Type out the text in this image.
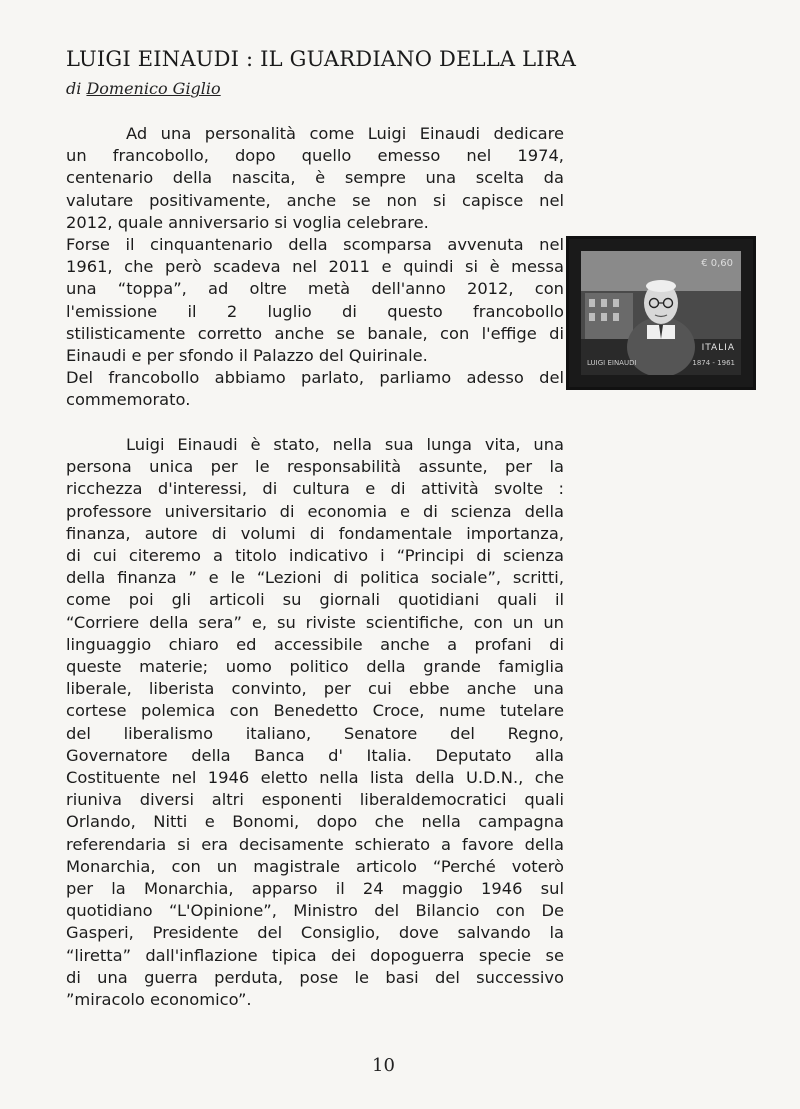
LUIGI EINAUDI : IL GUARDIANO DELLA LIRA
di Domenico Giglio
Ad una personalità come Luigi Einaudi dedicare
un francobollo, dopo quello emesso nel 1974,
centenario della nascita, è sempre una scelta da
valutare positivamente, anche se non si capisce nel
2012, quale anniversario si voglia celebrare.
Forse il cinquantenario della scomparsa avvenuta nel
1961, che però scadeva nel 2011 e quindi si è messa
una “toppa”, ad oltre metà dell'anno 2012, con
l'emissione il 2 luglio di questo francobollo
stilisticamente corretto anche se banale, con l'effige di
Einaudi e per sfondo il Palazzo del Quirinale.
Del francobollo abbiamo parlato, parliamo adesso del
commemorato.
€ 0,60
ITALIA
LUIGI EINAUDI	1874 - 1961
Luigi Einaudi è stato, nella sua lunga vita, una
persona unica per le responsabilità assunte, per la
ricchezza d'interessi, di cultura e di attività svolte :
professore universitario di economia e di scienza della
finanza, autore di volumi di fondamentale importanza,
di cui citeremo a titolo indicativo i “Principi di scienza
della finanza ” e le “Lezioni di politica sociale”, scritti,
come poi gli articoli su giornali quotidiani quali il
“Corriere della sera” e, su riviste scientifiche, con un un
linguaggio chiaro ed accessibile anche a profani di
queste materie; uomo politico della grande famiglia
liberale, liberista convinto, per cui ebbe anche una
cortese polemica con Benedetto Croce, nume tutelare
del liberalismo italiano, Senatore del Regno,
Governatore della Banca d' Italia. Deputato alla
Costituente nel 1946 eletto nella lista della U.D.N., che
riuniva diversi altri esponenti liberaldemocratici quali
Orlando, Nitti e Bonomi, dopo che nella campagna
referendaria si era decisamente schierato a favore della
Monarchia, con un magistrale articolo “Perché voterò
per la Monarchia, apparso il 24 maggio 1946 sul
quotidiano “L'Opinione”, Ministro del Bilancio con De
Gasperi, Presidente del Consiglio, dove salvando la
“liretta” dall'inflazione tipica dei dopoguerra specie se
di una guerra perduta, pose le basi del successivo
”miracolo economico”.
10
